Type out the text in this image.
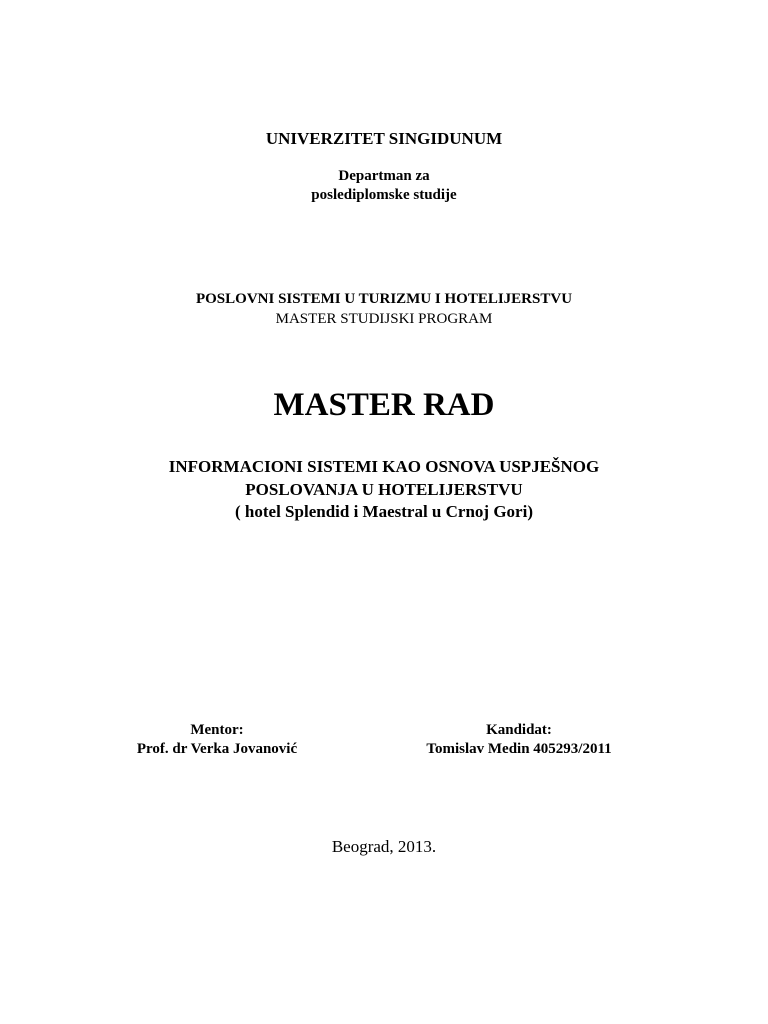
UNIVERZITET SINGIDUNUM
Departman za
poslediplomske studije
POSLOVNI SISTEMI U TURIZMU I HOTELIJERSTVU
MASTER STUDIJSKI PROGRAM
MASTER RAD
INFORMACIONI SISTEMI KAO OSNOVA USPJEŠNOG
POSLOVANJA U HOTELIJERSTVU
( hotel Splendid i Maestral u Crnoj Gori)
Mentor:
Prof. dr Verka Jovanović
Kandidat:
Tomislav Medin 405293/2011
Beograd, 2013.
